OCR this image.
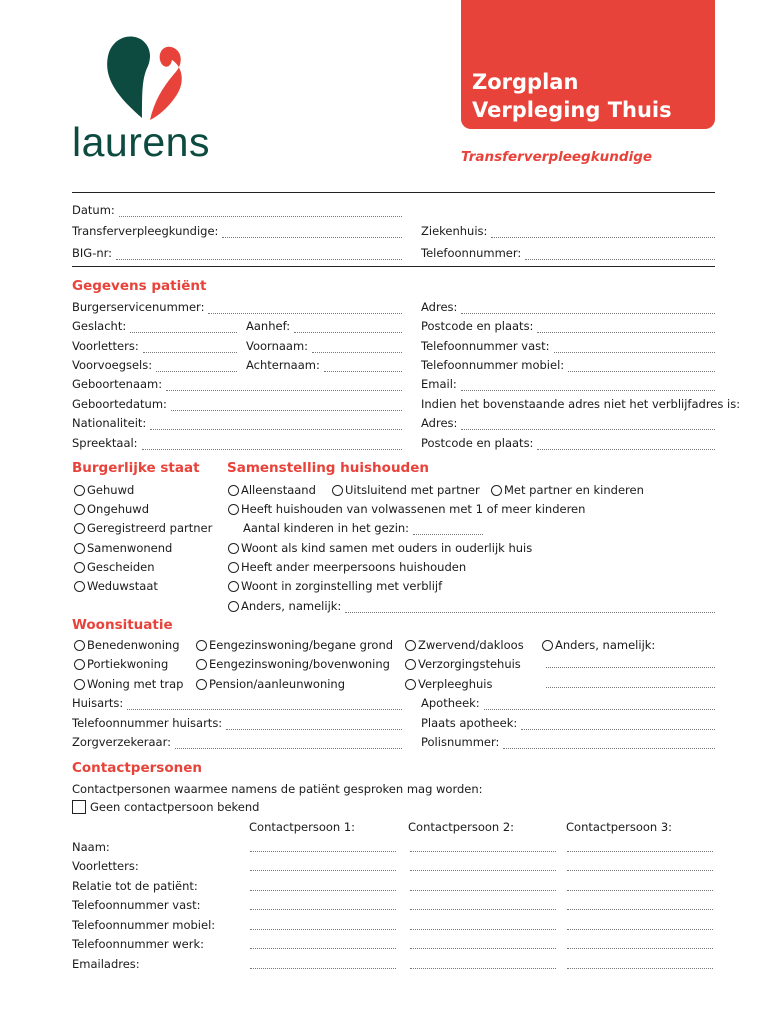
laurens
Zorgplan
Verpleging Thuis
Transferverpleegkundige
Datum:
Transferverpleegkundige:	Ziekenhuis:
BIG-nr:	Telefoonnummer:
Gegevens patiënt
Burgerservicenummer:	Adres:
Geslacht:	Aanhef:	Postcode en plaats:
Voorletters:	Voornaam:	Telefoonnummer vast:
Voorvoegsels:	Achternaam:	Telefoonnummer mobiel:
Geboortenaam:	Email:
Geboortedatum:	Indien het bovenstaande adres niet het verblijfadres is:
Nationaliteit:	Adres:
Spreektaal:	Postcode en plaats:
Burgerlijke staat
Gehuwd
Ongehuwd
Geregistreerd partner
Samenwonend
Gescheiden
Weduwstaat
Samenstelling huishouden
Alleenstaand	Uitsluitend met partner Met partner en kinderen
Heeft huishouden van volwassenen met 1 of meer kinderen
Aantal kinderen in het gezin:
Woont als kind samen met ouders in ouderlijk huis
Heeft ander meerpersoons huishouden
Woont in zorginstelling met verblijf
Anders, namelijk:
Woonsituatie
Benedenwoning
Portiekwoning
Woning met trap
Eengezinswoning/begane grond
Eengezinswoning/bovenwoning
Pension/aanleunwoning
Zwervend/dakloos
Verzorgingstehuis
Verpleeghuis
Anders, namelijk:
Huisarts:	Apotheek:
Telefoonnummer huisarts:	Plaats apotheek:
Zorgverzekeraar:	Polisnummer:
Contactpersonen
Contactpersonen waarmee namens de patiënt gesproken mag worden:
Geen contactpersoon bekend
Contactpersoon 1:	Contactpersoon 2:	Contactpersoon 3:
Naam:
Voorletters:
Relatie tot de patiënt:
Telefoonnummer vast:
Telefoonnummer mobiel:
Telefoonnummer werk:
Emailadres:
